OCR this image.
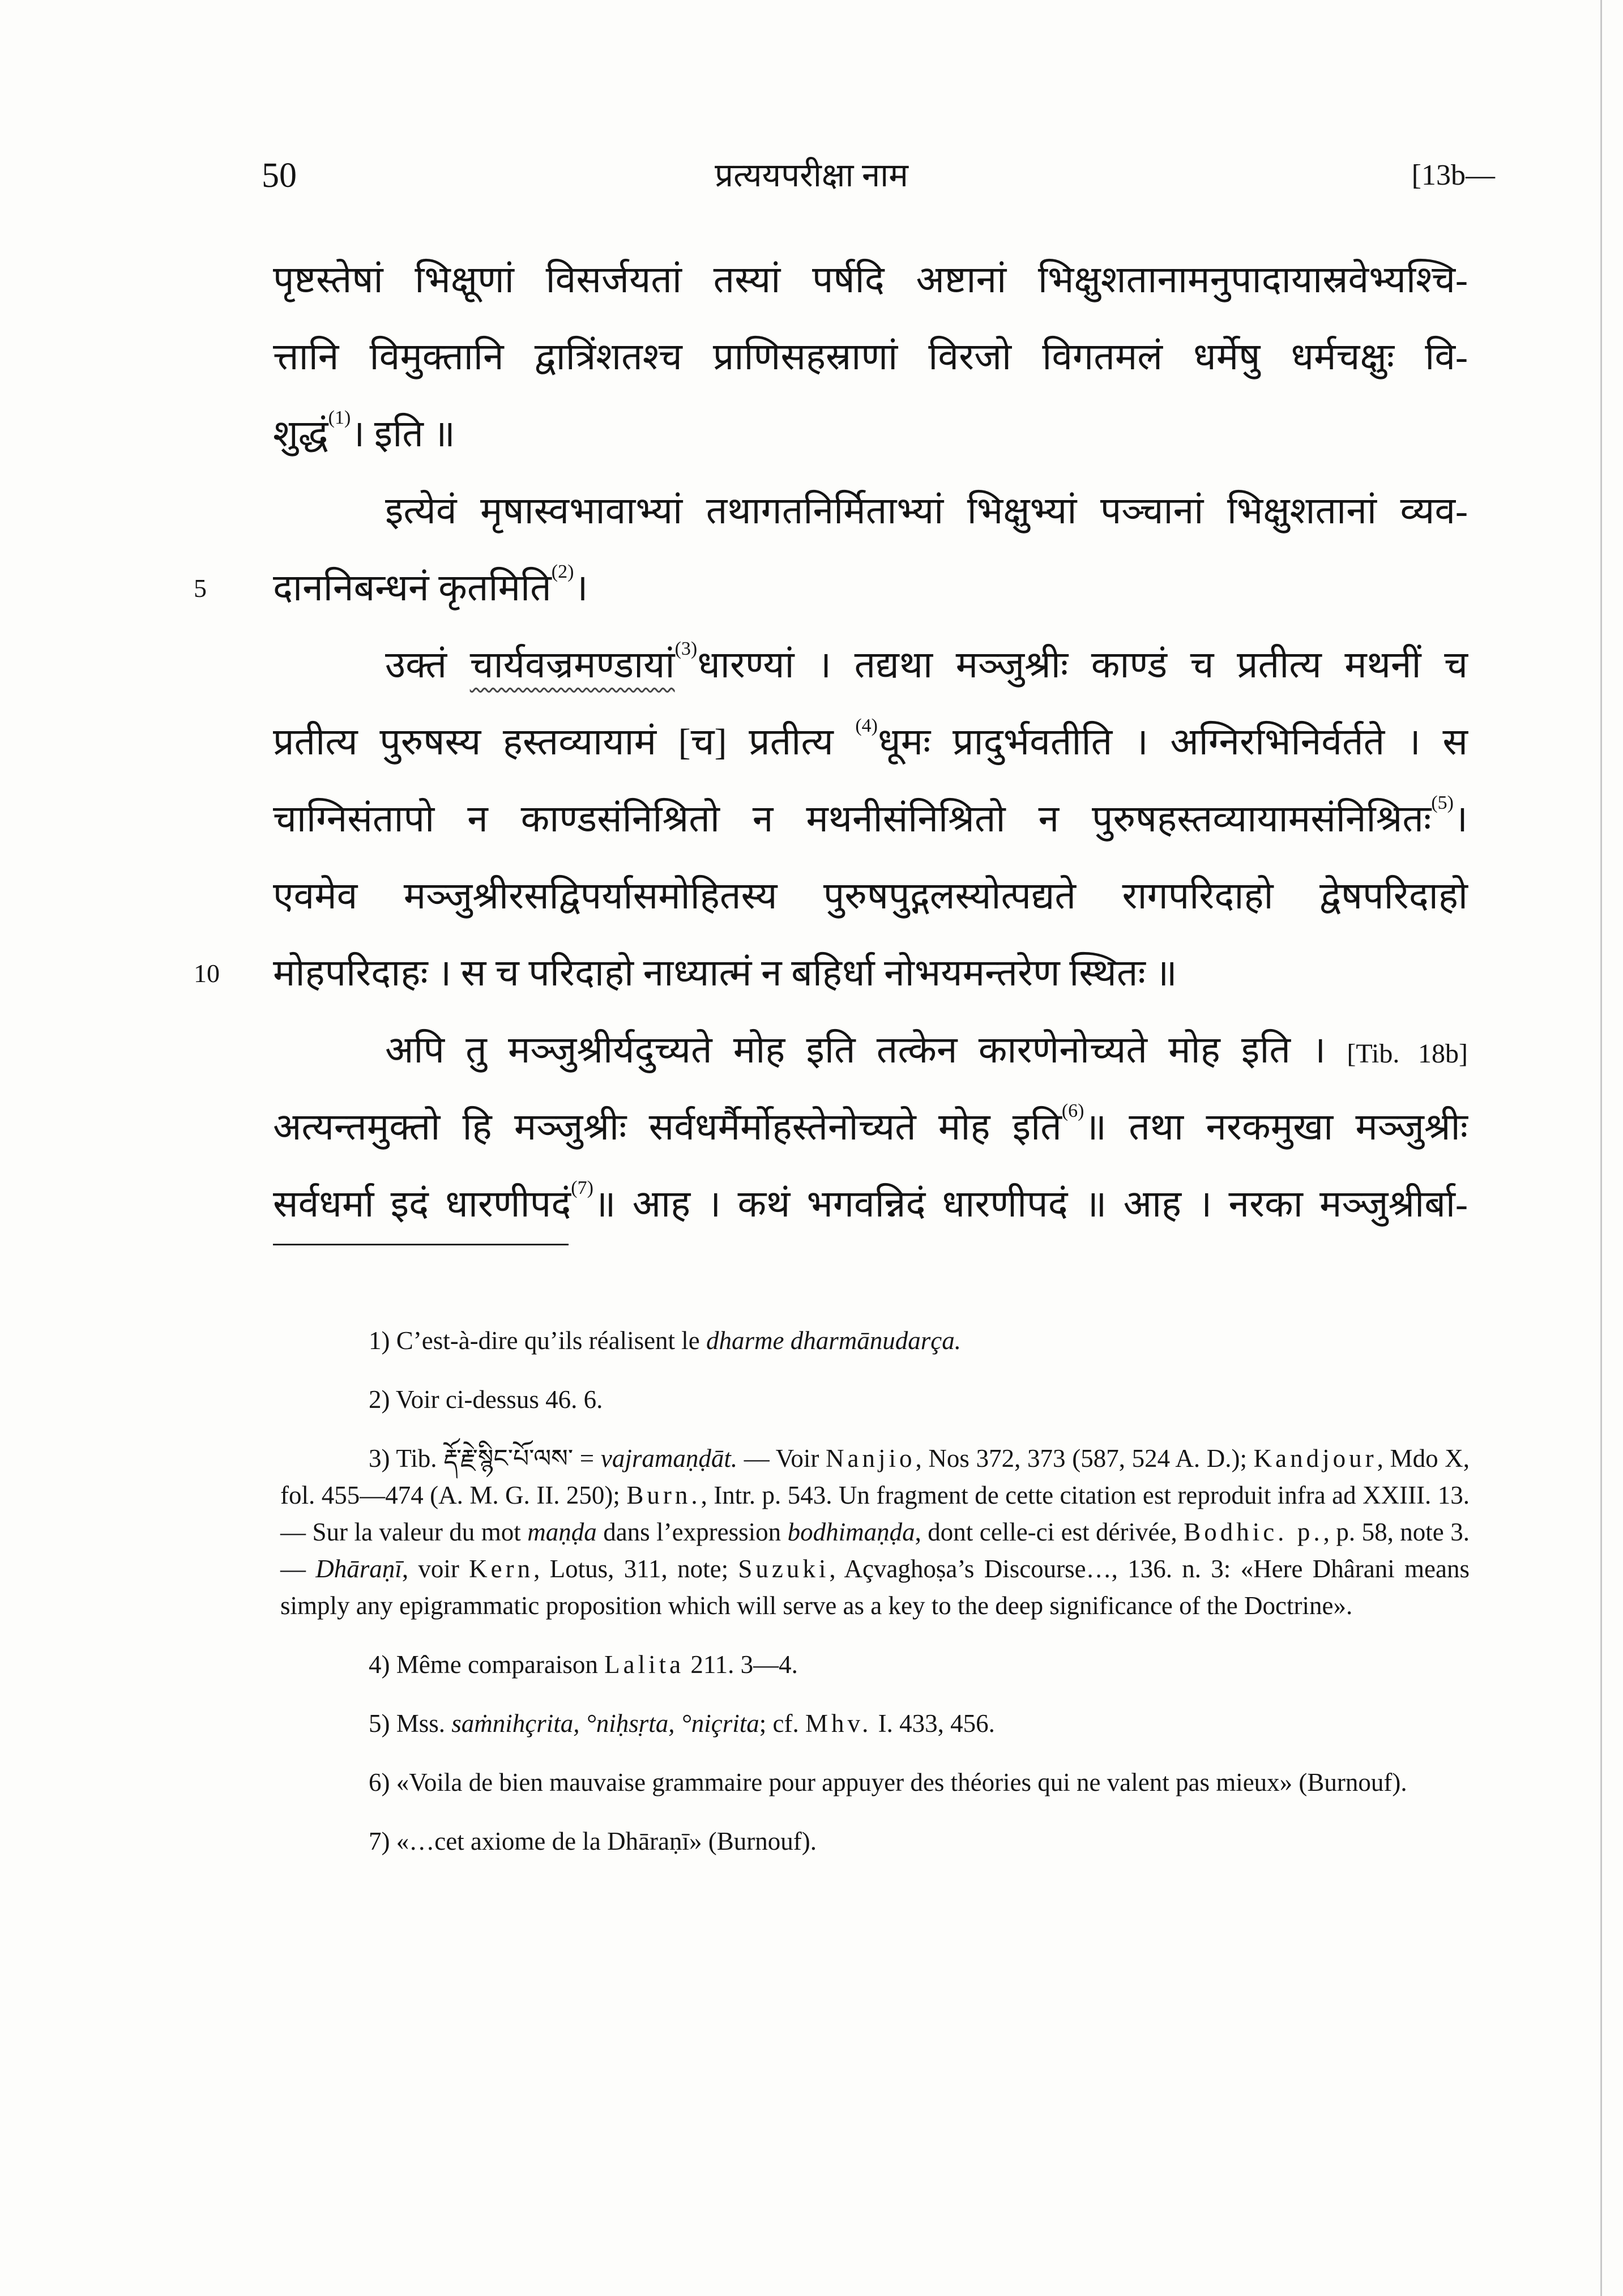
50	प्रत्ययपरीक्षा नाम	[13b—
पृष्टस्तेषां भिक्षूणां विसर्जयतां तस्यां पर्षदि अष्टानां भिक्षुशतानामनुपादायास्रवेभ्यश्चि-
त्तानि विमुक्तानि द्वात्रिंशतश्च प्राणिसहस्राणां विरजो विगतमलं धर्मेषु धर्मचक्षुः वि-
शुद्धं$^{(1)}$। इति ॥
इत्येवं मृषास्वभावाभ्यां तथागतनिर्मिताभ्यां भिक्षुभ्यां पञ्चानां भिक्षुशतानां व्यव-
5	दाननिबन्धनं कृतमिति$^{(2)}$।
उक्तं चार्यवज्रमण्डायां$^{(3)}$धारण्यां । तद्यथा मञ्जुश्रीः काण्डं च प्रतीत्य मथनीं च
प्रतीत्य पुरुषस्य हस्तव्यायामं [च] प्रतीत्य $^{(4)}$धूमः प्रादुर्भवतीति । अग्निरभिनिर्वर्तते । स
चाग्निसंतापो न काण्डसंनिश्रितो न मथनीसंनिश्रितो न पुरुषहस्तव्यायामसंनिश्रितः$^{(5)}$।
एवमेव मञ्जुश्रीरसद्विपर्यासमोहितस्य पुरुषपुद्गलस्योत्पद्यते रागपरिदाहो द्वेषपरिदाहो
10	मोहपरिदाहः । स च परिदाहो नाध्यात्मं न बहिर्धा नोभयमन्तरेण स्थितः ॥
अपि तु मञ्जुश्रीर्यदुच्यते मोह इति तत्केन कारणेनोच्यते मोह इति । [Tib. 18b]
अत्यन्तमुक्तो हि मञ्जुश्रीः सर्वधर्मैर्मोहस्तेनोच्यते मोह इति$^{(6)}$॥ तथा नरकमुखा मञ्जुश्रीः
सर्वधर्मा इदं धारणीपदं$^{(7)}$॥ आह । कथं भगवन्निदं धारणीपदं ॥ आह । नरका मञ्जुश्रीर्बा-

1) C’est-à-dire qu’ils réalisent le dharme dharmānudarça.

2) Voir ci-dessus 46. 6.

3) Tib. རྡོ་རྗེ་སྙིང་པོ་ལས་ = vajramaṇḍāt. — Voir Nanjio, Nos 372, 373 (587, 524 A. D.); Kandjour, Mdo X, fol. 455—474 (A. M. G. II. 250); Burn., Intr. p. 543. Un fragment de cette citation est reproduit infra ad XXIII. 13. — Sur la valeur du mot maṇḍa dans l’expression bodhimaṇḍa, dont celle-ci est dérivée, Bodhic. p., p. 58, note 3. — Dhāraṇī, voir Kern, Lotus, 311, note; Suzuki, Açvaghoṣa’s Discourse…, 136. n. 3: «Here Dhârani means simply any epigrammatic proposition which will serve as a key to the deep significance of the Doctrine».

4) Même comparaison Lalita 211. 3—4.

5) Mss. saṁnihçrita, °niḥsṛta, °niçrita; cf. Mhv. I. 433, 456.

6) «Voila de bien mauvaise grammaire pour appuyer des théories qui ne valent pas mieux» (Burnouf).

7) «…cet axiome de la Dhāraṇī» (Burnouf).
